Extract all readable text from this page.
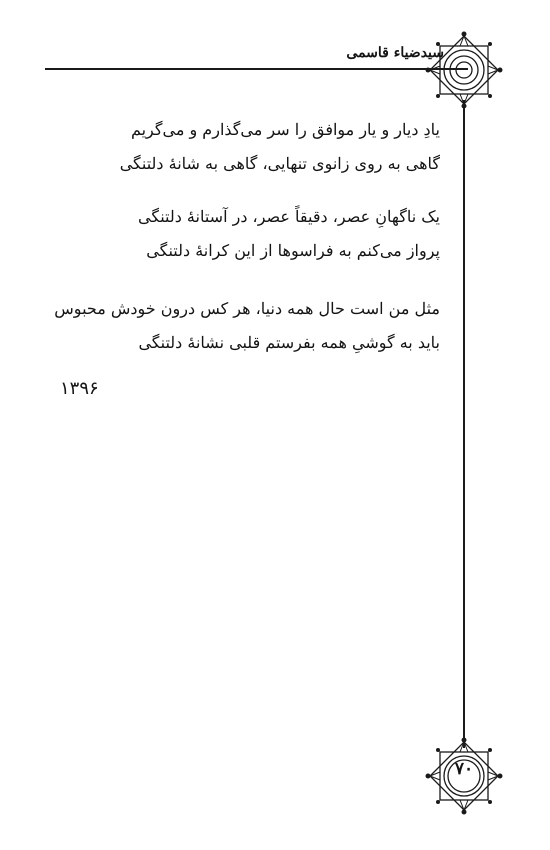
سیدضیاء قاسمی
یادِ دیار و یار موافق را سر می‌گذارم و می‌گریم
گاهی به روی زانوی تنهایی، گاهی به شانهٔ دلتنگی
یک ناگهانِ عصر، دقیقاً عصر، در آستانهٔ دلتنگی
پرواز می‌کنم به فراسوها از این کرانهٔ دلتنگی
مثل من است حال همه دنیا، هر کس درون خودش محبوس
باید به گوشیِ همه بفرستم قلبی نشانهٔ دلتنگی
۱۳۹۶
۷۰
